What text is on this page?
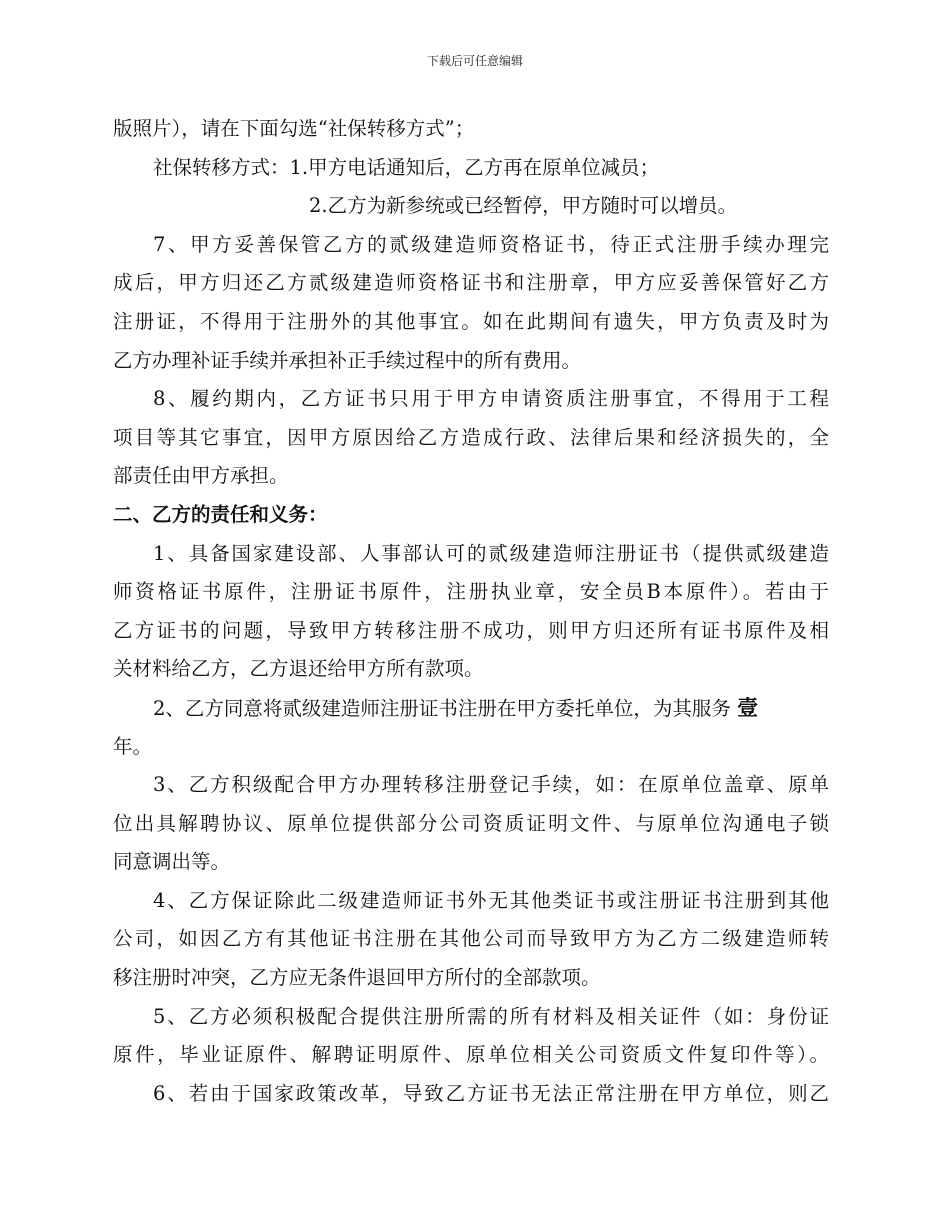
下载后可任意编辑
版照片），请在下面勾选“社保转移方式”；
社保转移方式：1.甲方电话通知后，乙方再在原单位减员；
2.乙方为新参统或已经暂停，甲方随时可以增员。
7、甲方妥善保管乙方的贰级建造师资格证书，待正式注册手续办理完
成后，甲方归还乙方贰级建造师资格证书和注册章，甲方应妥善保管好乙方
注册证，不得用于注册外的其他事宜。如在此期间有遗失，甲方负责及时为
乙方办理补证手续并承担补正手续过程中的所有费用。
8、履约期内，乙方证书只用于甲方申请资质注册事宜，不得用于工程
项目等其它事宜，因甲方原因给乙方造成行政、法律后果和经济损失的，全
部责任由甲方承担。
二、乙方的责任和义务：
1、具备国家建设部、人事部认可的贰级建造师注册证书（提供贰级建造
师资格证书原件，注册证书原件，注册执业章，安全员B本原件）。若由于
乙方证书的问题，导致甲方转移注册不成功，则甲方归还所有证书原件及相
关材料给乙方，乙方退还给甲方所有款项。
2、乙方同意将贰级建造师注册证书注册在甲方委托单位，为其服务 壹
年。
3、乙方积级配合甲方办理转移注册登记手续，如：在原单位盖章、原单
位出具解聘协议、原单位提供部分公司资质证明文件、与原单位沟通电子锁
同意调出等。
4、乙方保证除此二级建造师证书外无其他类证书或注册证书注册到其他
公司，如因乙方有其他证书注册在其他公司而导致甲方为乙方二级建造师转
移注册时冲突，乙方应无条件退回甲方所付的全部款项。
5、乙方必须积极配合提供注册所需的所有材料及相关证件（如：身份证
原件，毕业证原件、解聘证明原件、原单位相关公司资质文件复印件等）。
6、若由于国家政策改革，导致乙方证书无法正常注册在甲方单位，则乙
